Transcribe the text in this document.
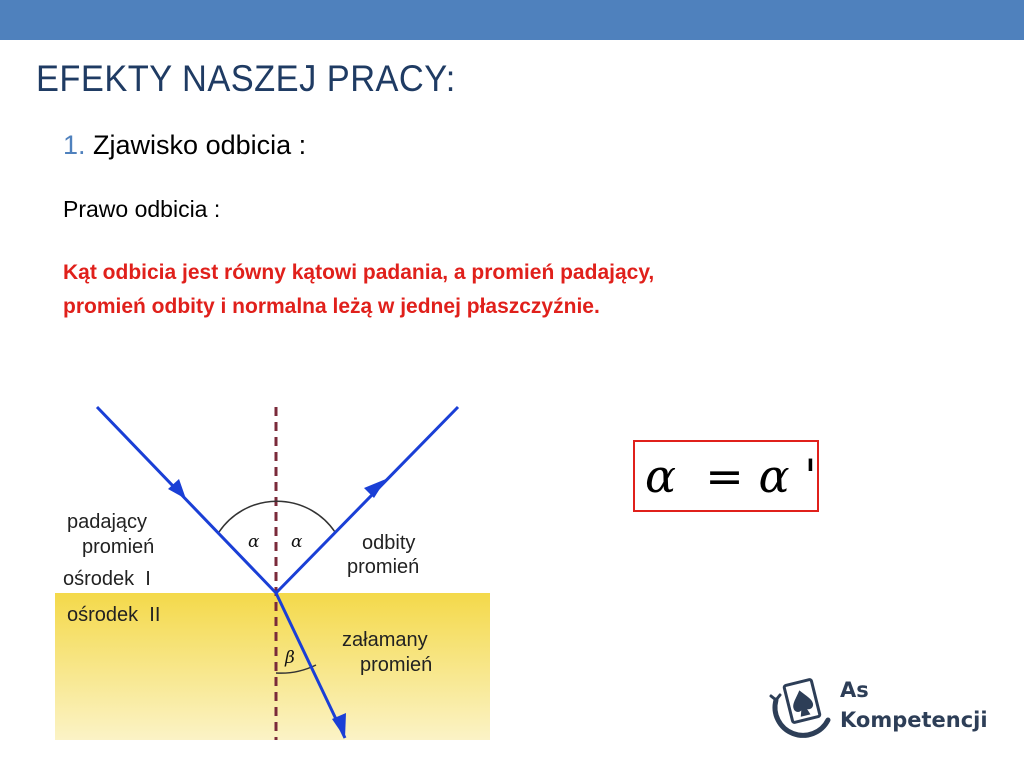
EFEKTY NASZEJ PRACY:
1. Zjawisko odbicia :
Prawo odbicia :
Kąt odbicia jest równy kątowi padania, a promień padający,
promień odbity i normalna leżą w jednej płaszczyźnie.
α α
β
padający
promień	odbity
promień
ośrodek  I
ośrodek  II
załamany
promień
α  = α '
As
Kompetencji
